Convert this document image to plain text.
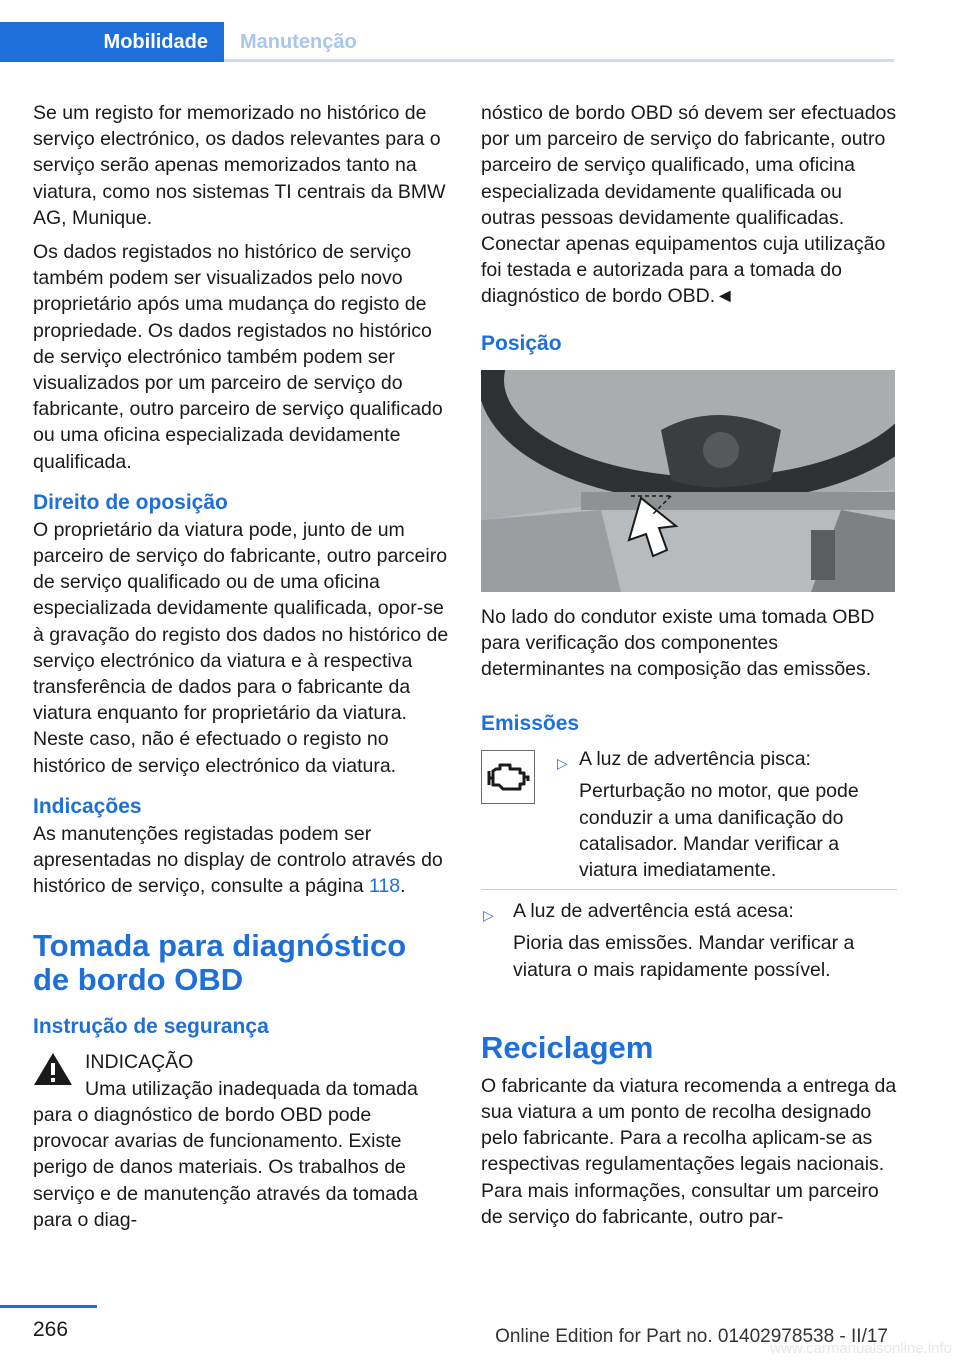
Mobilidade	Manutenção

Se um registo for memorizado no histórico de serviço electrónico, os dados relevantes para o serviço serão apenas memorizados tanto na viatura, como nos sistemas TI centrais da BMW AG, Munique.

Os dados registados no histórico de serviço também podem ser visualizados pelo novo proprietário após uma mudança do registo de propriedade. Os dados registados no histórico de serviço electrónico também podem ser visualizados por um parceiro de serviço do fabricante, outro parceiro de serviço qualificado ou uma oficina especializada devidamente qualificada.

Direito de oposição

O proprietário da viatura pode, junto de um parceiro de serviço do fabricante, outro parceiro de serviço qualificado ou de uma oficina especializada devidamente qualificada, opor-se à gravação do registo dos dados no histórico de serviço electrónico da viatura e à respectiva transferência de dados para o fabricante da viatura enquanto for proprietário da viatura. Neste caso, não é efectuado o registo no histórico de serviço electrónico da viatura.

Indicações

As manutenções registadas podem ser apresentadas no display de controlo através do histórico de serviço, consulte a página 118.

Tomada para diagnóstico de bordo OBD
Instrução de segurança
INDICAÇÃO
Uma utilização inadequada da tomada para o diagnóstico de bordo OBD pode provocar avarias de funcionamento. Existe perigo de danos materiais. Os trabalhos de serviço e de manutenção através da tomada para o diag-

nóstico de bordo OBD só devem ser efectuados por um parceiro de serviço do fabricante, outro parceiro de serviço qualificado, uma oficina especializada devidamente qualificada ou outras pessoas devidamente qualificadas. Conectar apenas equipamentos cuja utilização foi testada e autorizada para a tomada do diagnóstico de bordo OBD.◄

Posição

No lado do condutor existe uma tomada OBD para verificação dos componentes determinantes na composição das emissões.

Emissões
▷ A luz de advertência pisca:
Perturbação no motor, que pode conduzir a uma danificação do catalisador. Mandar verificar a viatura imediatamente.
▷ A luz de advertência está acesa:
Pioria das emissões. Mandar verificar a viatura o mais rapidamente possível.
Reciclagem

O fabricante da viatura recomenda a entrega da sua viatura a um ponto de recolha designado pelo fabricante. Para a recolha aplicam-se as respectivas regulamentações legais nacionais. Para mais informações, consultar um parceiro de serviço do fabricante, outro par-

266	Online Edition for Part no. 01402978538 - II/17
www.carmanualsonline.info
